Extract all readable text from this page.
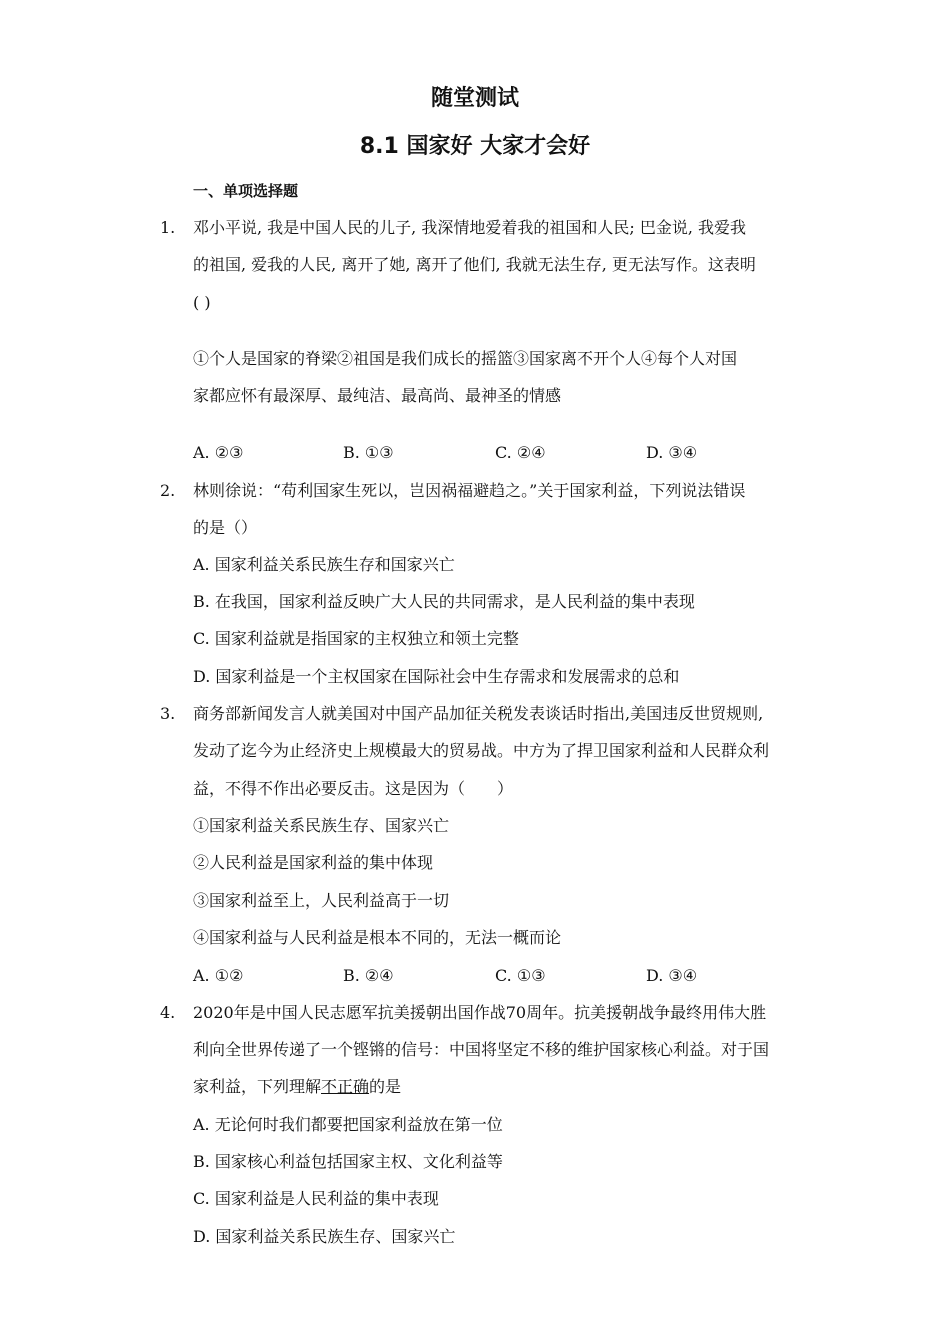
随堂测试
8.1 国家好 大家才会好
一、单项选择题
1. 邓小平说, 我是中国人民的儿子, 我深情地爱着我的祖国和人民; 巴金说, 我爱我
的祖国, 爱我的人民, 离开了她, 离开了他们, 我就无法生存, 更无法写作。这表明
( )
①个人是国家的脊梁②祖国是我们成长的摇篮③国家离不开个人④每个人对国
家都应怀有最深厚、最纯洁、最高尚、最神圣的情感
A. ②③	B. ①③	C. ②④	D. ③④
2. 林则徐说：“苟利国家生死以，岂因祸福避趋之。”关于国家利益，下列说法错误
的是（）
A. 国家利益关系民族生存和国家兴亡
B. 在我国，国家利益反映广大人民的共同需求，是人民利益的集中表现
C. 国家利益就是指国家的主权独立和领土完整
D. 国家利益是一个主权国家在国际社会中生存需求和发展需求的总和
3. 商务部新闻发言人就美国对中国产品加征关税发表谈话时指出,美国违反世贸规则,
发动了迄今为止经济史上规模最大的贸易战。中方为了捍卫国家利益和人民群众利
益，不得不作出必要反击。这是因为（　　）
①国家利益关系民族生存、国家兴亡
②人民利益是国家利益的集中体现
③国家利益至上，人民利益高于一切
④国家利益与人民利益是根本不同的，无法一概而论
A. ①②	B. ②④	C. ①③	D. ③④
4. 2020年是中国人民志愿军抗美援朝出国作战70周年。抗美援朝战争最终用伟大胜
利向全世界传递了一个铿锵的信号：中国将坚定不移的维护国家核心利益。对于国
家利益，下列理解不正确的是
A. 无论何时我们都要把国家利益放在第一位
B. 国家核心利益包括国家主权、文化利益等
C. 国家利益是人民利益的集中表现
D. 国家利益关系民族生存、国家兴亡
